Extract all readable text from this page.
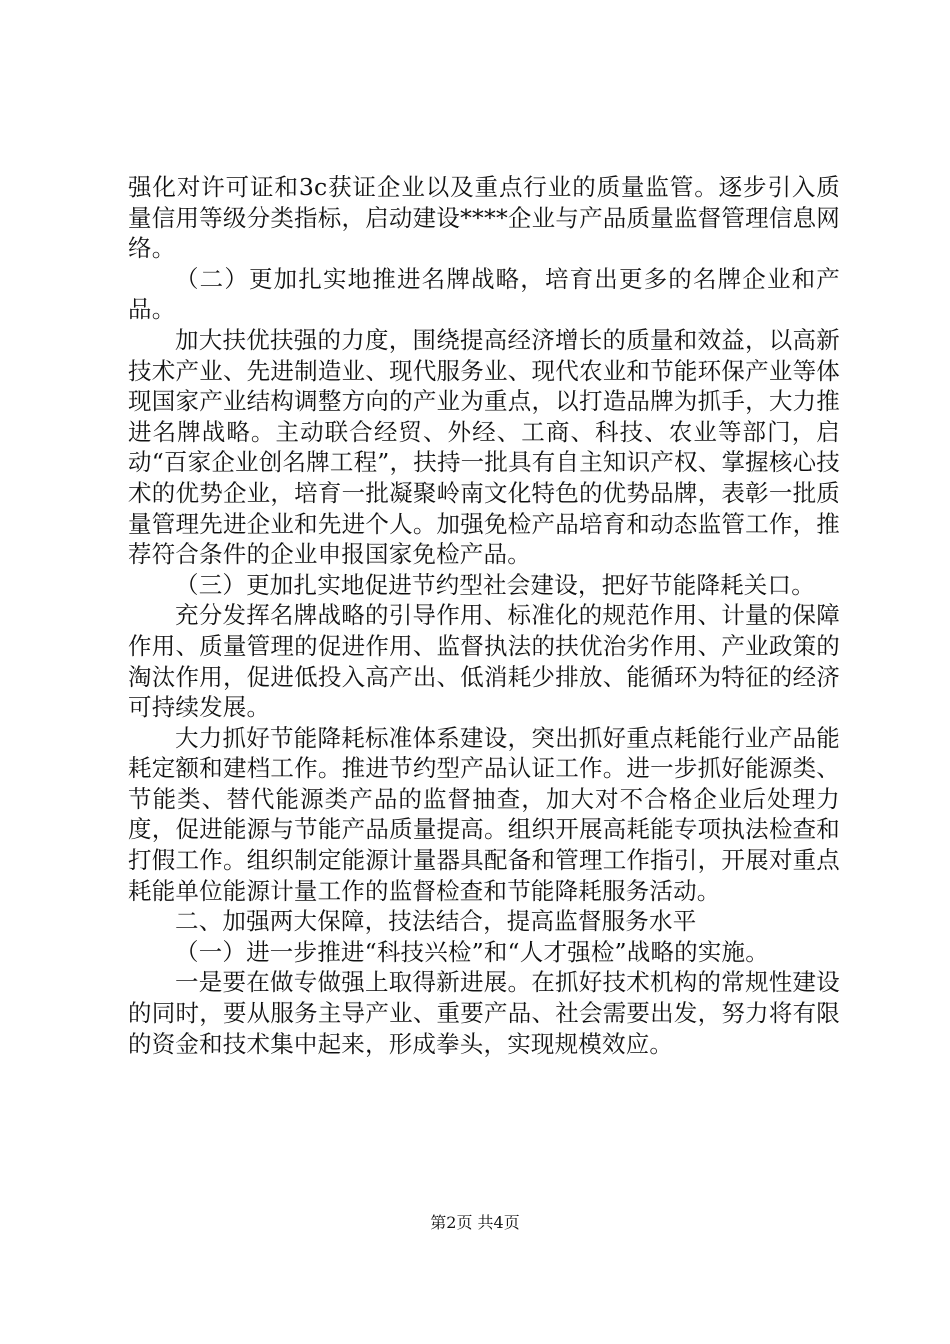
强化对许可证和3c获证企业以及重点行业的质量监管。逐步引入质量信用等级分类指标，启动建设****企业与产品质量监督管理信息网络。

（二）更加扎实地推进名牌战略，培育出更多的名牌企业和产品。

加大扶优扶强的力度，围绕提高经济增长的质量和效益，以高新技术产业、先进制造业、现代服务业、现代农业和节能环保产业等体现国家产业结构调整方向的产业为重点，以打造品牌为抓手，大力推进名牌战略。主动联合经贸、外经、工商、科技、农业等部门，启动“百家企业创名牌工程”，扶持一批具有自主知识产权、掌握核心技术的优势企业，培育一批凝聚岭南文化特色的优势品牌，表彰一批质量管理先进企业和先进个人。加强免检产品培育和动态监管工作，推荐符合条件的企业申报国家免检产品。

（三）更加扎实地促进节约型社会建设，把好节能降耗关口。

充分发挥名牌战略的引导作用、标准化的规范作用、计量的保障作用、质量管理的促进作用、监督执法的扶优治劣作用、产业政策的淘汰作用，促进低投入高产出、低消耗少排放、能循环为特征的经济可持续发展。

大力抓好节能降耗标准体系建设，突出抓好重点耗能行业产品能耗定额和建档工作。推进节约型产品认证工作。进一步抓好能源类、节能类、替代能源类产品的监督抽查，加大对不合格企业后处理力度，促进能源与节能产品质量提高。组织开展高耗能专项执法检查和打假工作。组织制定能源计量器具配备和管理工作指引，开展对重点耗能单位能源计量工作的监督检查和节能降耗服务活动。

二、加强两大保障，技法结合，提高监督服务水平

（一）进一步推进“科技兴检”和“人才强检”战略的实施。

一是要在做专做强上取得新进展。在抓好技术机构的常规性建设的同时，要从服务主导产业、重要产品、社会需要出发，努力将有限的资金和技术集中起来，形成拳头，实现规模效应。

第2页 共4页
